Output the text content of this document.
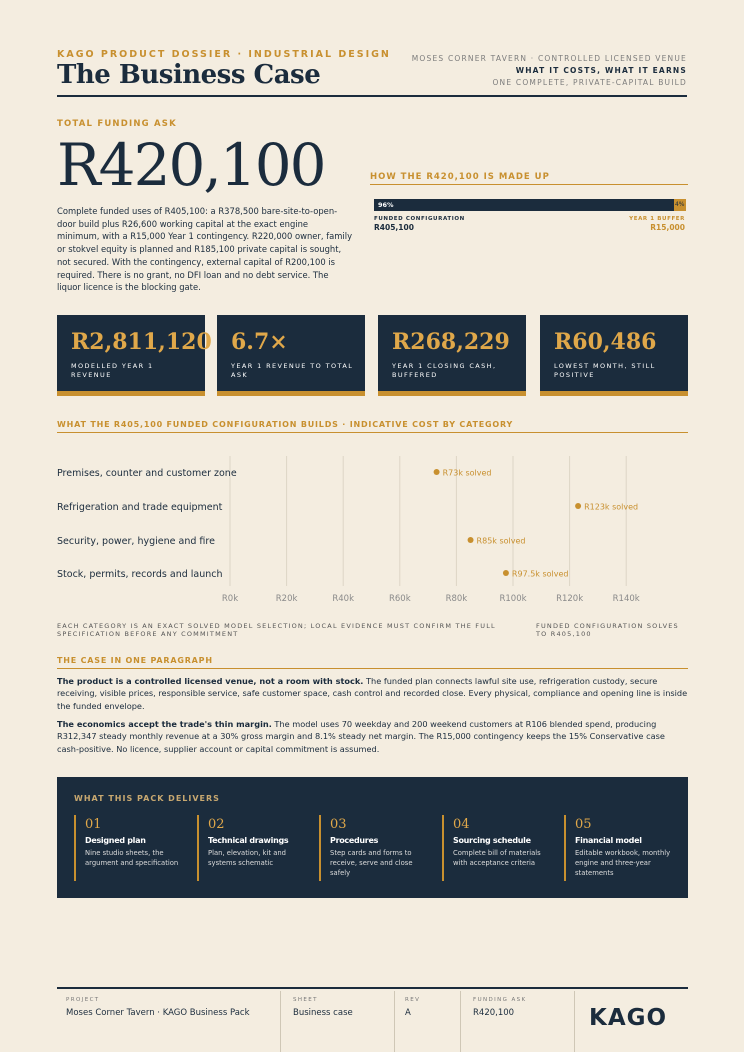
KAGO PRODUCT DOSSIER · INDUSTRIAL DESIGN
The Business Case
MOSES CORNER TAVERN · CONTROLLED LICENSED VENUE
WHAT IT COSTS, WHAT IT EARNS
ONE COMPLETE, PRIVATE-CAPITAL BUILD
TOTAL FUNDING ASK
R420,100
Complete funded uses of R405,100: a R378,500 bare-site-to-open-door build plus R26,600 working capital at the exact engine minimum, with a R15,000 Year 1 contingency. R220,000 owner, family or stokvel equity is planned and R185,100 private capital is sought, not secured. With the contingency, external capital of R200,100 is required. There is no grant, no DFI loan and no debt service. The liquor licence is the blocking gate.
HOW THE R420,100 IS MADE UP
96%	4%
FUNDED CONFIGURATION
R405,100
YEAR 1 BUFFER
R15,000
R2,811,120
MODELLED YEAR 1 REVENUE
6.7×
YEAR 1 REVENUE TO TOTAL ASK
R268,229
YEAR 1 CLOSING CASH, BUFFERED
R60,486
LOWEST MONTH, STILL POSITIVE
WHAT THE R405,100 FUNDED CONFIGURATION BUILDS · INDICATIVE COST BY CATEGORY
R0k	R20k	R40k	R60k	R80k	R100k	R120k	R140k
Premises, counter and customer zone	R73k solved
Refrigeration and trade equipment	R123k solved
Security, power, hygiene and fire	R85k solved
Stock, permits, records and launch	R97.5k solved
EACH CATEGORY IS AN EXACT SOLVED MODEL SELECTION; LOCAL EVIDENCE MUST CONFIRM THE FULL SPECIFICATION BEFORE ANY COMMITMENT
FUNDED CONFIGURATION SOLVES TO R405,100
THE CASE IN ONE PARAGRAPH
The product is a controlled licensed venue, not a room with stock. The funded plan connects lawful site use, refrigeration custody, secure receiving, visible prices, responsible service, safe customer space, cash control and recorded close. Every physical, compliance and opening line is inside the funded envelope.
The economics accept the trade's thin margin. The model uses 70 weekday and 200 weekend customers at R106 blended spend, producing R312,347 steady monthly revenue at a 30% gross margin and 8.1% steady net margin. The R15,000 contingency keeps the 15% Conservative case cash-positive. No licence, supplier account or capital commitment is assumed.
WHAT THIS PACK DELIVERS
01
Designed plan
Nine studio sheets, the argument and specification
02
Technical drawings
Plan, elevation, kit and systems schematic
03
Procedures
Step cards and forms to receive, serve and close safely
04
Sourcing schedule
Complete bill of materials with acceptance criteria
05
Financial model
Editable workbook, monthly engine and three-year statements
PROJECT
Moses Corner Tavern · KAGO Business Pack
SHEET
Business case
REV
A
FUNDING ASK
R420,100	KAGO
